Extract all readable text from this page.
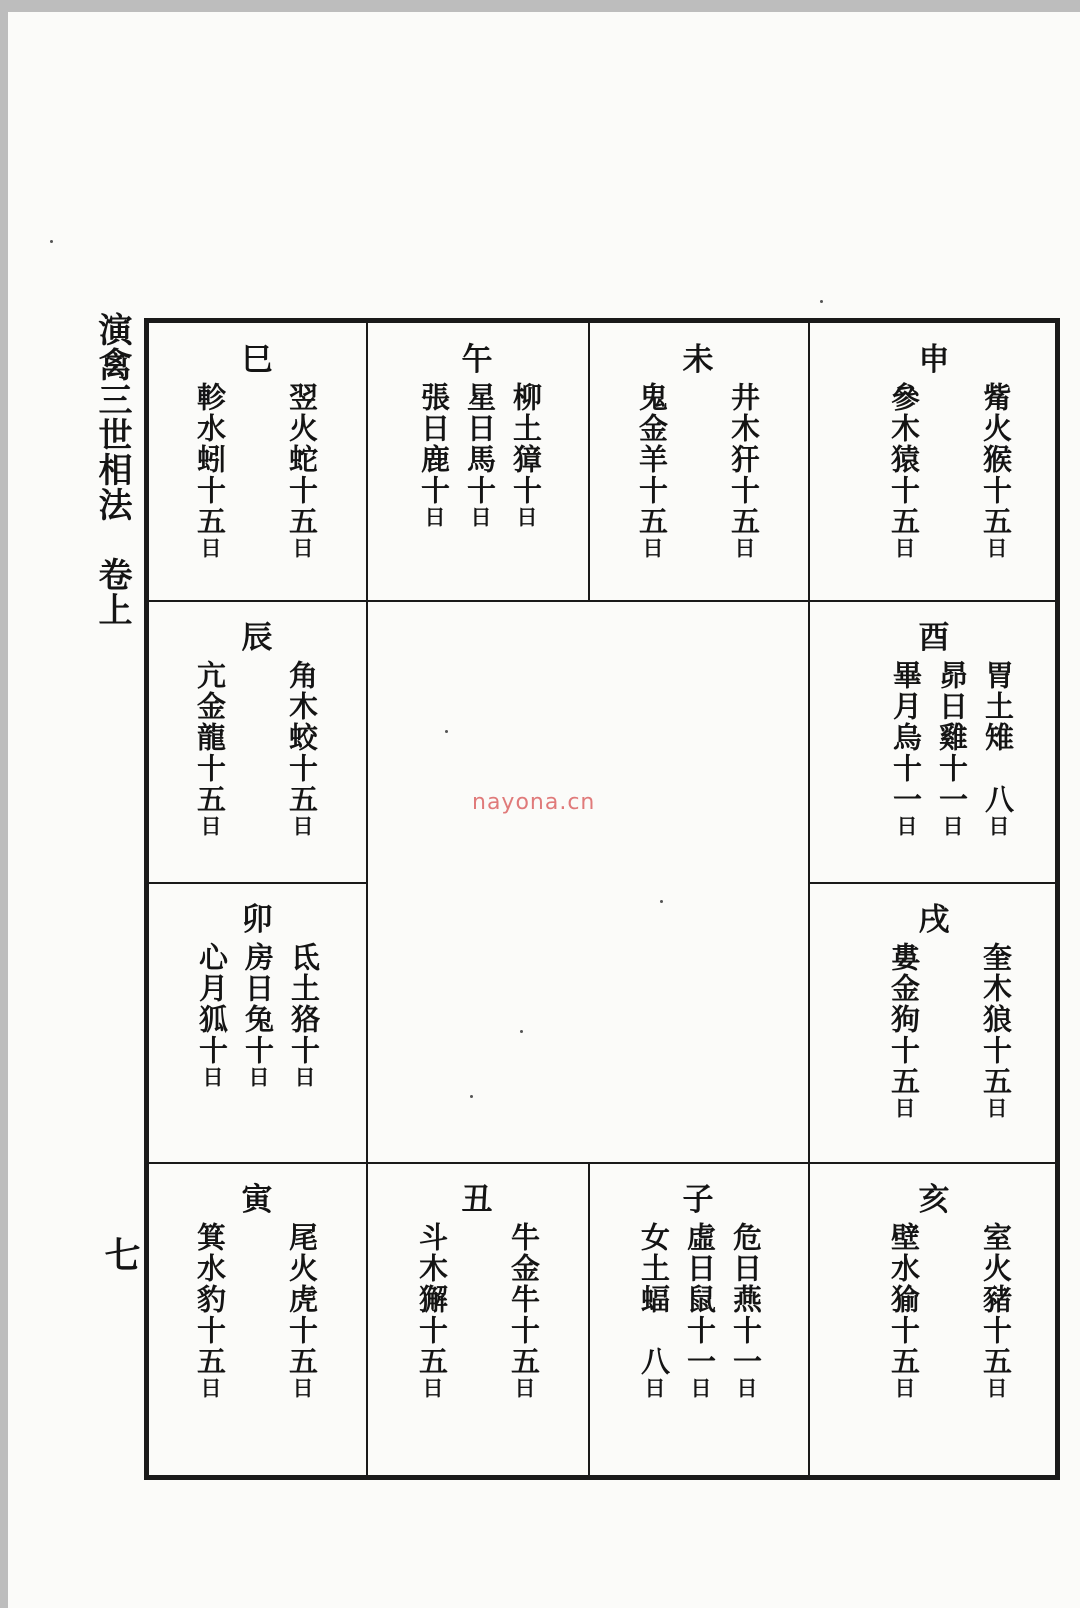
演禽三世相法　卷上
七
nayona.cn
巳
翌火蛇十五日
軫水蚓十五日
午
柳土獐十日
星日馬十日
張日鹿十日
未
井木犴十五日
鬼金羊十五日
申
觜火猴十五日
參木猿十五日
辰
角木蛟十五日
亢金龍十五日
酉
胃土雉　八日
昴日雞十一日
畢月烏十一日
卯
氐土狢十日
房日兔十日
心月狐十日
戌
奎木狼十五日
婁金狗十五日
寅
尾火虎十五日
箕水豹十五日
丑
牛金牛十五日
斗木獬十五日
子
危日燕十一日
虛日鼠十一日
女土蝠　八日
亥
室火豬十五日
壁水㺄十五日
